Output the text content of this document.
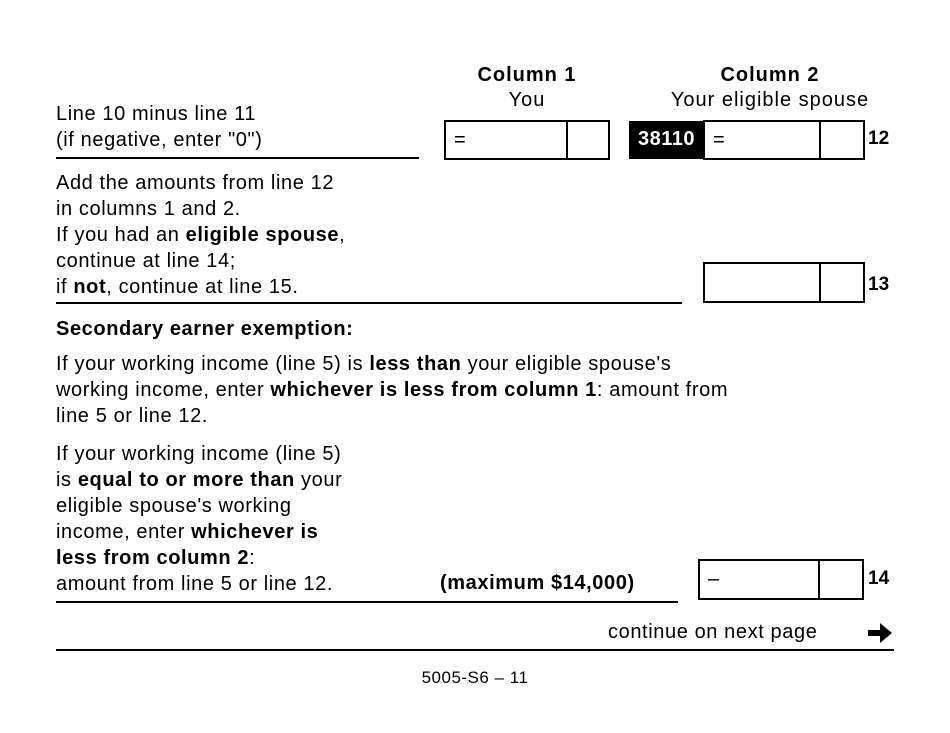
Column 1
You
Column 2
Your eligible spouse
Line 10 minus line 11
(if negative, enter "0")	=	38110 =	12
Add the amounts from line 12
in columns 1 and 2.
If you had an eligible spouse,
continue at line 14;
if not, continue at line 15.	13
Secondary earner exemption:
If your working income (line 5) is less than your eligible spouse's
working income, enter whichever is less from column 1: amount from
line 5 or line 12.
If your working income (line 5)
is equal to or more than your
eligible spouse's working
income, enter whichever is
less from column 2:
amount from line 5 or line 12.	(maximum $14,000)	–	14
continue on next page
5005-S6 – 11
